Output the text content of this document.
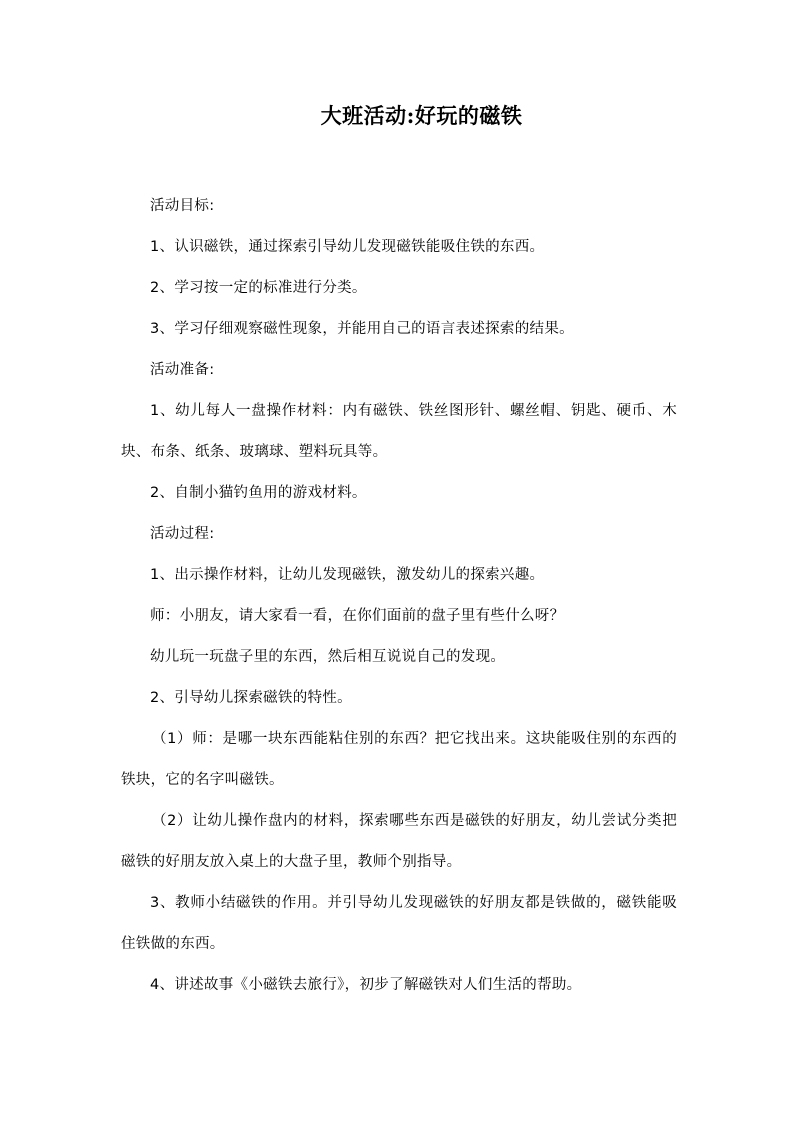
大班活动:好玩的磁铁

活动目标:

1、认识磁铁，通过探索引导幼儿发现磁铁能吸住铁的东西。

2、学习按一定的标准进行分类。

3、学习仔细观察磁性现象，并能用自己的语言表述探索的结果。

活动准备:

1、幼儿每人一盘操作材料：内有磁铁、铁丝图形针、螺丝帽、钥匙、硬币、木块、布条、纸条、玻璃球、塑料玩具等。

2、自制小猫钓鱼用的游戏材料。

活动过程:

1、出示操作材料，让幼儿发现磁铁，激发幼儿的探索兴趣。

师：小朋友，请大家看一看，在你们面前的盘子里有些什么呀？

幼儿玩一玩盘子里的东西，然后相互说说自己的发现。

2、引导幼儿探索磁铁的特性。

（1）师：是哪一块东西能粘住别的东西？把它找出来。这块能吸住别的东西的铁块，它的名字叫磁铁。

（2）让幼儿操作盘内的材料，探索哪些东西是磁铁的好朋友，幼儿尝试分类把磁铁的好朋友放入桌上的大盘子里，教师个别指导。

3、教师小结磁铁的作用。并引导幼儿发现磁铁的好朋友都是铁做的，磁铁能吸住铁做的东西。

4、讲述故事《小磁铁去旅行》，初步了解磁铁对人们生活的帮助。
